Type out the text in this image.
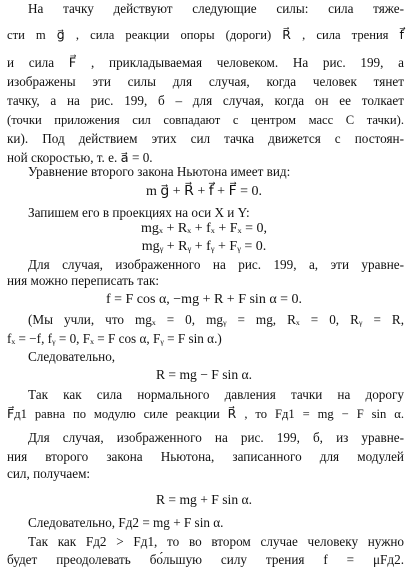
На тачку действуют следующие силы: сила тяже-
сти m g⃗ , сила реакции опоры (дороги) R⃗ , сила трения f⃗
и сила F⃗ , прикладываемая человеком. На рис. 199, а
изображены эти силы для случая, когда человек тянет
тачку, а на рис. 199, б – для случая, когда он ее толкает
(точки приложения сил совпадают с центром масс C тачки).
ки). Под действием этих сил тачка движется с постоян-
ной скоростью, т. е. a⃗ = 0.
Уравнение второго закона Ньютона имеет вид:
m g⃗ + R⃗ + f⃗ + F⃗ = 0.
Запишем его в проекциях на оси X и Y:
mgₓ + Rₓ + fₓ + Fₓ = 0,
mgᵧ + Rᵧ + fᵧ + Fᵧ = 0.
Для случая, изображенного на рис. 199, а, эти уравне-
ния можно переписать так:
f = F cos α, −mg + R + F sin α = 0.
(Мы учли, что mgₓ = 0, mgᵧ = mg, Rₓ = 0, Rᵧ = R,
fₓ = −f, fᵧ = 0, Fₓ = F cos α, Fᵧ = F sin α.)
Следовательно,
R = mg − F sin α.
Так как сила нормального давления тачки на дорогу
F⃗д1 равна по модулю силе реакции R⃗ , то Fд1 = mg − F sin α.
Для случая, изображенного на рис. 199, б, из уравне-
ния второго закона Ньютона, записанного для модулей
сил, получаем:
R = mg + F sin α.
Следовательно, Fд2 = mg + F sin α.
Так как Fд2 > Fд1, то во втором случае человеку нужно
будет преодолевать бо́льшую силу трения f = μFд2.
